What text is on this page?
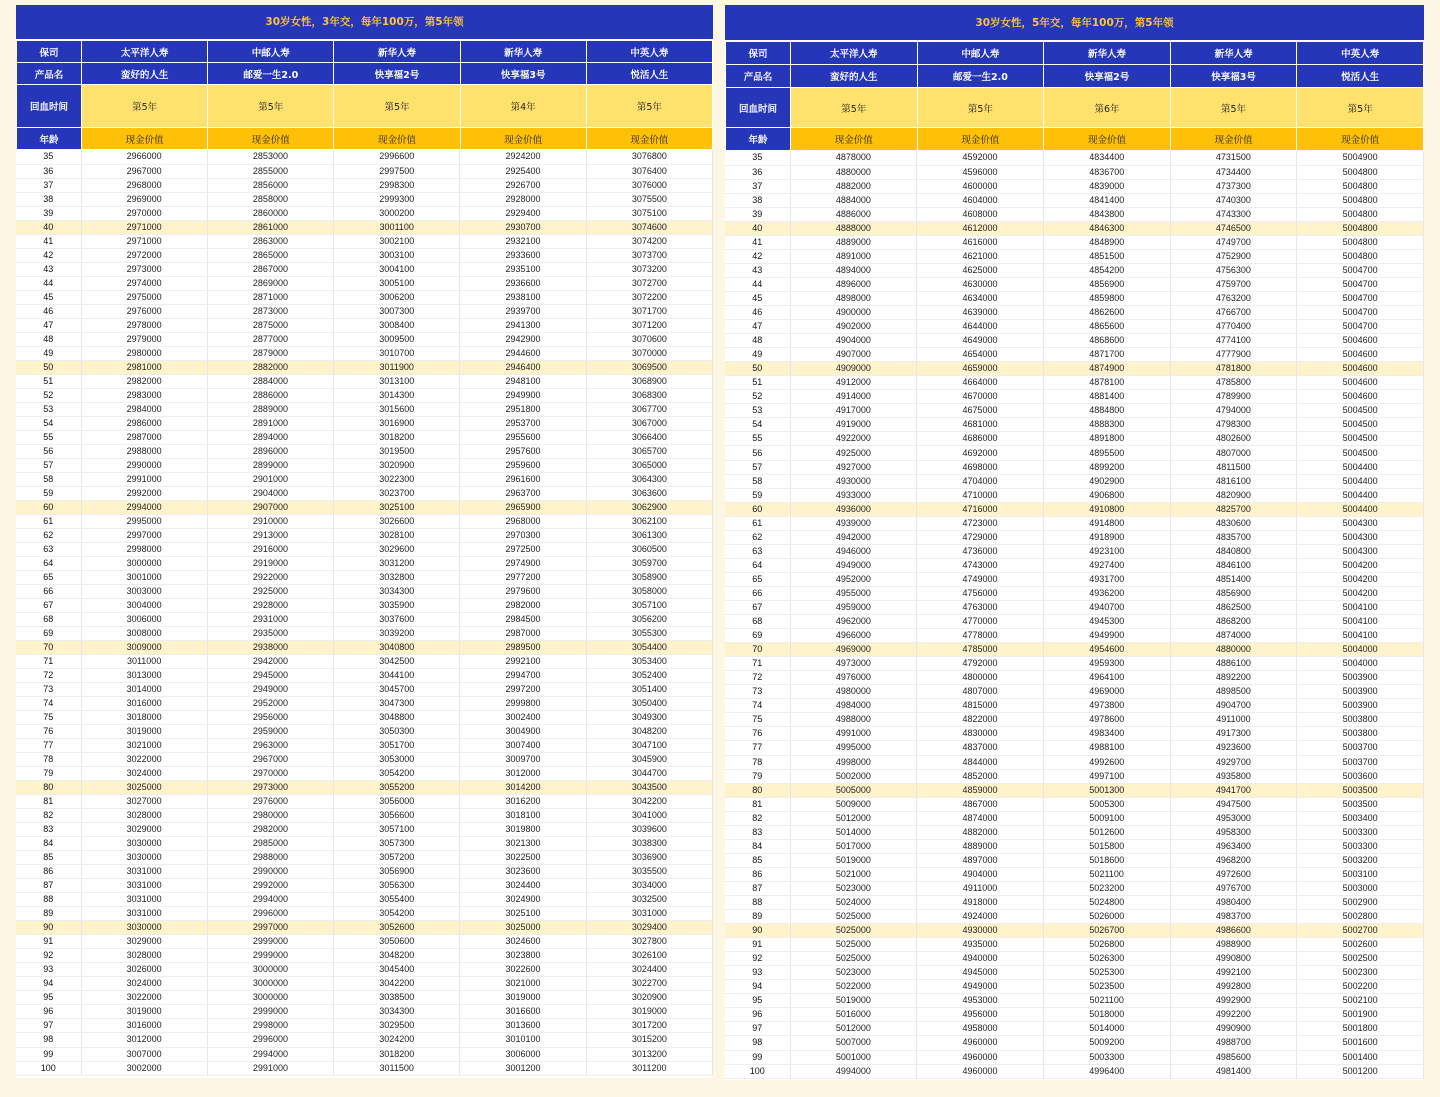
30岁女性，3年交，每年100万，第5年领
保司	太平洋人寿	中邮人寿	新华人寿	新华人寿	中英人寿
产品名	蛮好的人生	邮爱一生2.0	快享福2号	快享福3号	悦活人生
回血时间	第5年	第5年	第5年	第4年	第5年
年龄	现金价值	现金价值	现金价值	现金价值	现金价值
35	2966000	2853000	2996600	2924200	3076800
36	2967000	2855000	2997500	2925400	3076400
37	2968000	2856000	2998300	2926700	3076000
38	2969000	2858000	2999300	2928000	3075500
39	2970000	2860000	3000200	2929400	3075100
40	2971000	2861000	3001100	2930700	3074600
41	2971000	2863000	3002100	2932100	3074200
42	2972000	2865000	3003100	2933600	3073700
43	2973000	2867000	3004100	2935100	3073200
44	2974000	2869000	3005100	2936600	3072700
45	2975000	2871000	3006200	2938100	3072200
46	2976000	2873000	3007300	2939700	3071700
47	2978000	2875000	3008400	2941300	3071200
48	2979000	2877000	3009500	2942900	3070600
49	2980000	2879000	3010700	2944600	3070000
50	2981000	2882000	3011900	2946400	3069500
51	2982000	2884000	3013100	2948100	3068900
52	2983000	2886000	3014300	2949900	3068300
53	2984000	2889000	3015600	2951800	3067700
54	2986000	2891000	3016900	2953700	3067000
55	2987000	2894000	3018200	2955600	3066400
56	2988000	2896000	3019500	2957600	3065700
57	2990000	2899000	3020900	2959600	3065000
58	2991000	2901000	3022300	2961600	3064300
59	2992000	2904000	3023700	2963700	3063600
60	2994000	2907000	3025100	2965900	3062900
61	2995000	2910000	3026600	2968000	3062100
62	2997000	2913000	3028100	2970300	3061300
63	2998000	2916000	3029600	2972500	3060500
64	3000000	2919000	3031200	2974900	3059700
65	3001000	2922000	3032800	2977200	3058900
66	3003000	2925000	3034300	2979600	3058000
67	3004000	2928000	3035900	2982000	3057100
68	3006000	2931000	3037600	2984500	3056200
69	3008000	2935000	3039200	2987000	3055300
70	3009000	2938000	3040800	2989500	3054400
71	3011000	2942000	3042500	2992100	3053400
72	3013000	2945000	3044100	2994700	3052400
73	3014000	2949000	3045700	2997200	3051400
74	3016000	2952000	3047300	2999800	3050400
75	3018000	2956000	3048800	3002400	3049300
76	3019000	2959000	3050300	3004900	3048200
77	3021000	2963000	3051700	3007400	3047100
78	3022000	2967000	3053000	3009700	3045900
79	3024000	2970000	3054200	3012000	3044700
80	3025000	2973000	3055200	3014200	3043500
81	3027000	2976000	3056000	3016200	3042200
82	3028000	2980000	3056600	3018100	3041000
83	3029000	2982000	3057100	3019800	3039600
84	3030000	2985000	3057300	3021300	3038300
85	3030000	2988000	3057200	3022500	3036900
86	3031000	2990000	3056900	3023600	3035500
87	3031000	2992000	3056300	3024400	3034000
88	3031000	2994000	3055400	3024900	3032500
89	3031000	2996000	3054200	3025100	3031000
90	3030000	2997000	3052600	3025000	3029400
91	3029000	2999000	3050600	3024600	3027800
92	3028000	2999000	3048200	3023800	3026100
93	3026000	3000000	3045400	3022600	3024400
94	3024000	3000000	3042200	3021000	3022700
95	3022000	3000000	3038500	3019000	3020900
96	3019000	2999000	3034300	3016600	3019000
97	3016000	2998000	3029500	3013600	3017200
98	3012000	2996000	3024200	3010100	3015200
99	3007000	2994000	3018200	3006000	3013200
100	3002000	2991000	3011500	3001200	3011200
30岁女性，5年交，每年100万，第5年领
保司	太平洋人寿	中邮人寿	新华人寿	新华人寿	中英人寿
产品名	蛮好的人生	邮爱一生2.0	快享福2号	快享福3号	悦活人生
回血时间	第5年	第5年	第6年	第5年	第5年
年龄	现金价值	现金价值	现金价值	现金价值	现金价值
35	4878000	4592000	4834400	4731500	5004900
36	4880000	4596000	4836700	4734400	5004800
37	4882000	4600000	4839000	4737300	5004800
38	4884000	4604000	4841400	4740300	5004800
39	4886000	4608000	4843800	4743300	5004800
40	4888000	4612000	4846300	4746500	5004800
41	4889000	4616000	4848900	4749700	5004800
42	4891000	4621000	4851500	4752900	5004800
43	4894000	4625000	4854200	4756300	5004700
44	4896000	4630000	4856900	4759700	5004700
45	4898000	4634000	4859800	4763200	5004700
46	4900000	4639000	4862600	4766700	5004700
47	4902000	4644000	4865600	4770400	5004700
48	4904000	4649000	4868600	4774100	5004600
49	4907000	4654000	4871700	4777900	5004600
50	4909000	4659000	4874900	4781800	5004600
51	4912000	4664000	4878100	4785800	5004600
52	4914000	4670000	4881400	4789900	5004600
53	4917000	4675000	4884800	4794000	5004500
54	4919000	4681000	4888300	4798300	5004500
55	4922000	4686000	4891800	4802600	5004500
56	4925000	4692000	4895500	4807000	5004500
57	4927000	4698000	4899200	4811500	5004400
58	4930000	4704000	4902900	4816100	5004400
59	4933000	4710000	4906800	4820900	5004400
60	4936000	4716000	4910800	4825700	5004400
61	4939000	4723000	4914800	4830600	5004300
62	4942000	4729000	4918900	4835700	5004300
63	4946000	4736000	4923100	4840800	5004300
64	4949000	4743000	4927400	4846100	5004200
65	4952000	4749000	4931700	4851400	5004200
66	4955000	4756000	4936200	4856900	5004200
67	4959000	4763000	4940700	4862500	5004100
68	4962000	4770000	4945300	4868200	5004100
69	4966000	4778000	4949900	4874000	5004100
70	4969000	4785000	4954600	4880000	5004000
71	4973000	4792000	4959300	4886100	5004000
72	4976000	4800000	4964100	4892200	5003900
73	4980000	4807000	4969000	4898500	5003900
74	4984000	4815000	4973800	4904700	5003900
75	4988000	4822000	4978600	4911000	5003800
76	4991000	4830000	4983400	4917300	5003800
77	4995000	4837000	4988100	4923600	5003700
78	4998000	4844000	4992600	4929700	5003700
79	5002000	4852000	4997100	4935800	5003600
80	5005000	4859000	5001300	4941700	5003500
81	5009000	4867000	5005300	4947500	5003500
82	5012000	4874000	5009100	4953000	5003400
83	5014000	4882000	5012600	4958300	5003300
84	5017000	4889000	5015800	4963400	5003300
85	5019000	4897000	5018600	4968200	5003200
86	5021000	4904000	5021100	4972600	5003100
87	5023000	4911000	5023200	4976700	5003000
88	5024000	4918000	5024800	4980400	5002900
89	5025000	4924000	5026000	4983700	5002800
90	5025000	4930000	5026700	4986600	5002700
91	5025000	4935000	5026800	4988900	5002600
92	5025000	4940000	5026300	4990800	5002500
93	5023000	4945000	5025300	4992100	5002300
94	5022000	4949000	5023500	4992800	5002200
95	5019000	4953000	5021100	4992900	5002100
96	5016000	4956000	5018000	4992200	5001900
97	5012000	4958000	5014000	4990900	5001800
98	5007000	4960000	5009200	4988700	5001600
99	5001000	4960000	5003300	4985600	5001400
100	4994000	4960000	4996400	4981400	5001200
